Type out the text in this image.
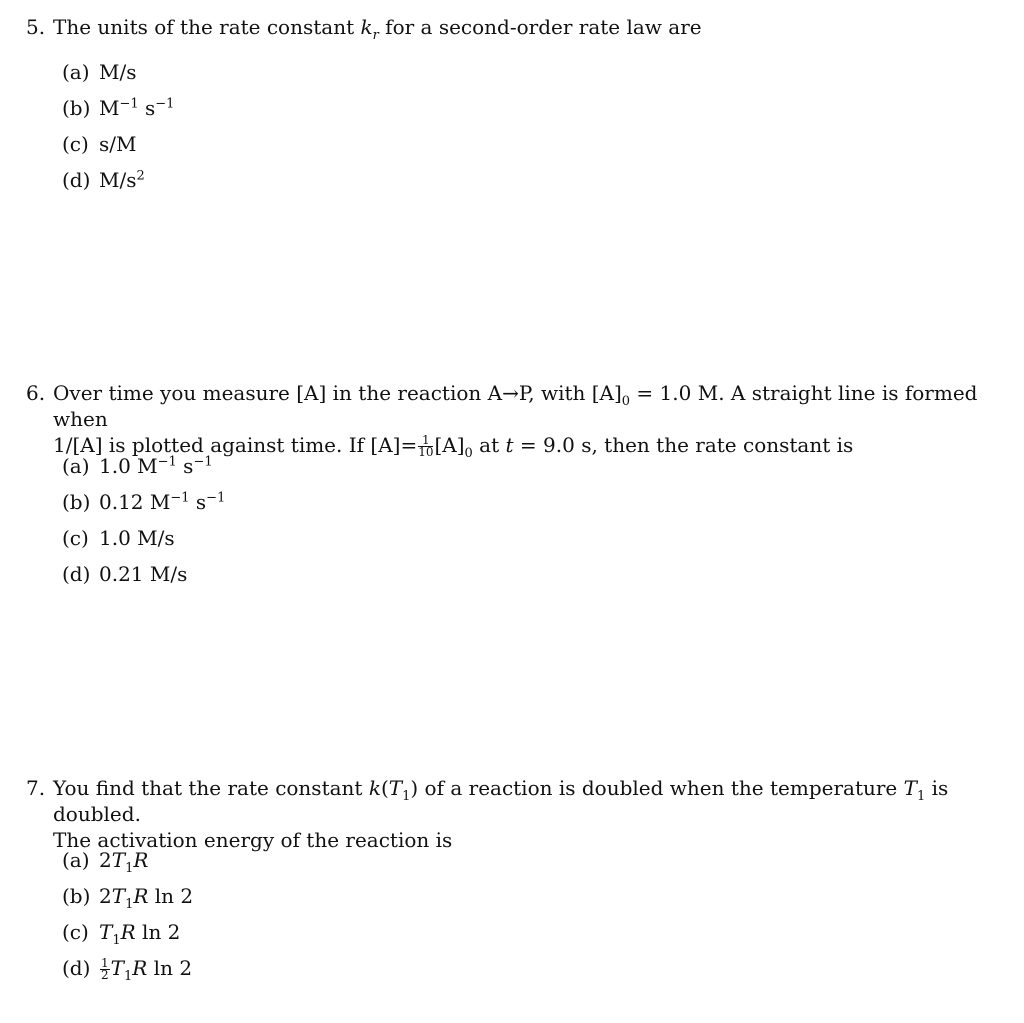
5. The units of the rate constant $k_r$ for a second-order rate law are
(a) M/s
(b) $M^{-1}$ $s^{-1}$
(c) s/M
(d) $M/s^2$
6. Over time you measure [A] in the reaction A→P, with $[A]_0 = 1.0$ M. A straight line is formed when
1/[A] is plotted against time. If $[A]= \frac{1}{10} [A]_0$ at t = 9.0 s, then the rate constant is
(a) 1.0 $M^{-1}$ $s^{-1}$
(b) 0.12 $M^{-1}$ $s^{-1}$
(c) 1.0 M/s
(d) 0.21 M/s
7. You find that the rate constant $k(T_1)$ of a reaction is doubled when the temperature $T_1$ is doubled.
The activation energy of the reaction is
(a) $2T_1R$
(b) $2T_1R$ ln 2
(c) $T_1R$ ln 2
$(d) \frac{1}{2} T_1R$ ln 2
